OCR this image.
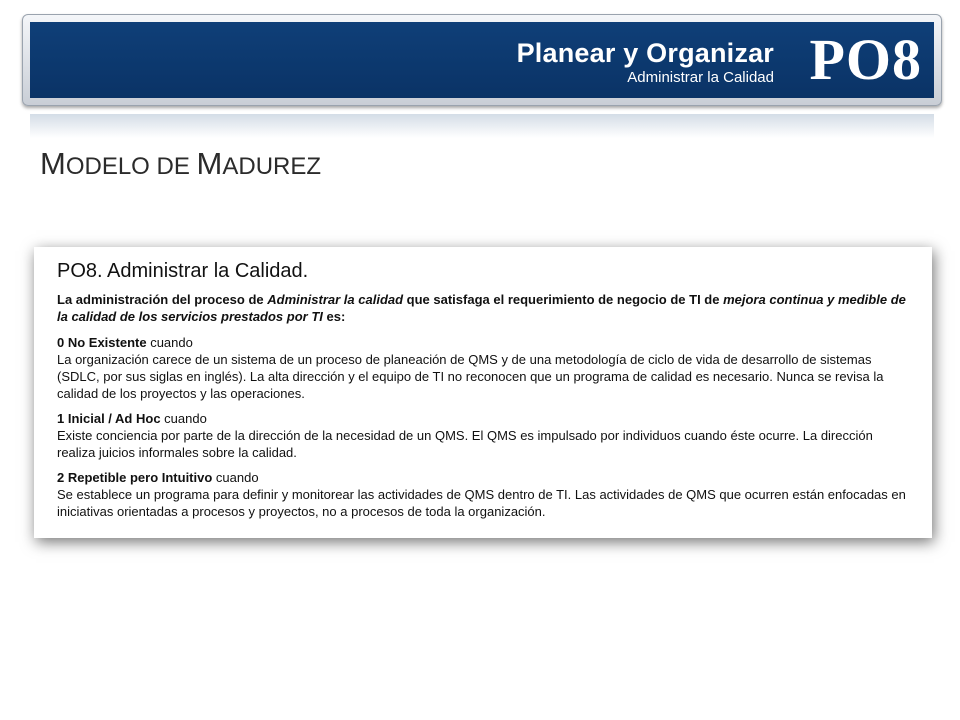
Planear y Organizar
Administrar la Calidad PO8
MODELO DE MADUREZ
PO8. Administrar la Calidad.

La administración del proceso de Administrar la calidad que satisfaga el requerimiento de negocio de TI de mejora continua y medible de la calidad de los servicios prestados por TI es:

0 No Existente cuando

La organización carece de un sistema de un proceso de planeación de QMS y de una metodología de ciclo de vida de desarrollo de sistemas (SDLC, por sus siglas en inglés). La alta dirección y el equipo de TI no reconocen que un programa de calidad es necesario. Nunca se revisa la calidad de los proyectos y las operaciones.

1 Inicial / Ad Hoc cuando

Existe conciencia por parte de la dirección de la necesidad de un QMS. El QMS es impulsado por individuos cuando éste ocurre. La dirección realiza juicios informales sobre la calidad.

2 Repetible pero Intuitivo cuando

Se establece un programa para definir y monitorear las actividades de QMS dentro de TI. Las actividades de QMS que ocurren están enfocadas en iniciativas orientadas a procesos y proyectos, no a procesos de toda la organización.
